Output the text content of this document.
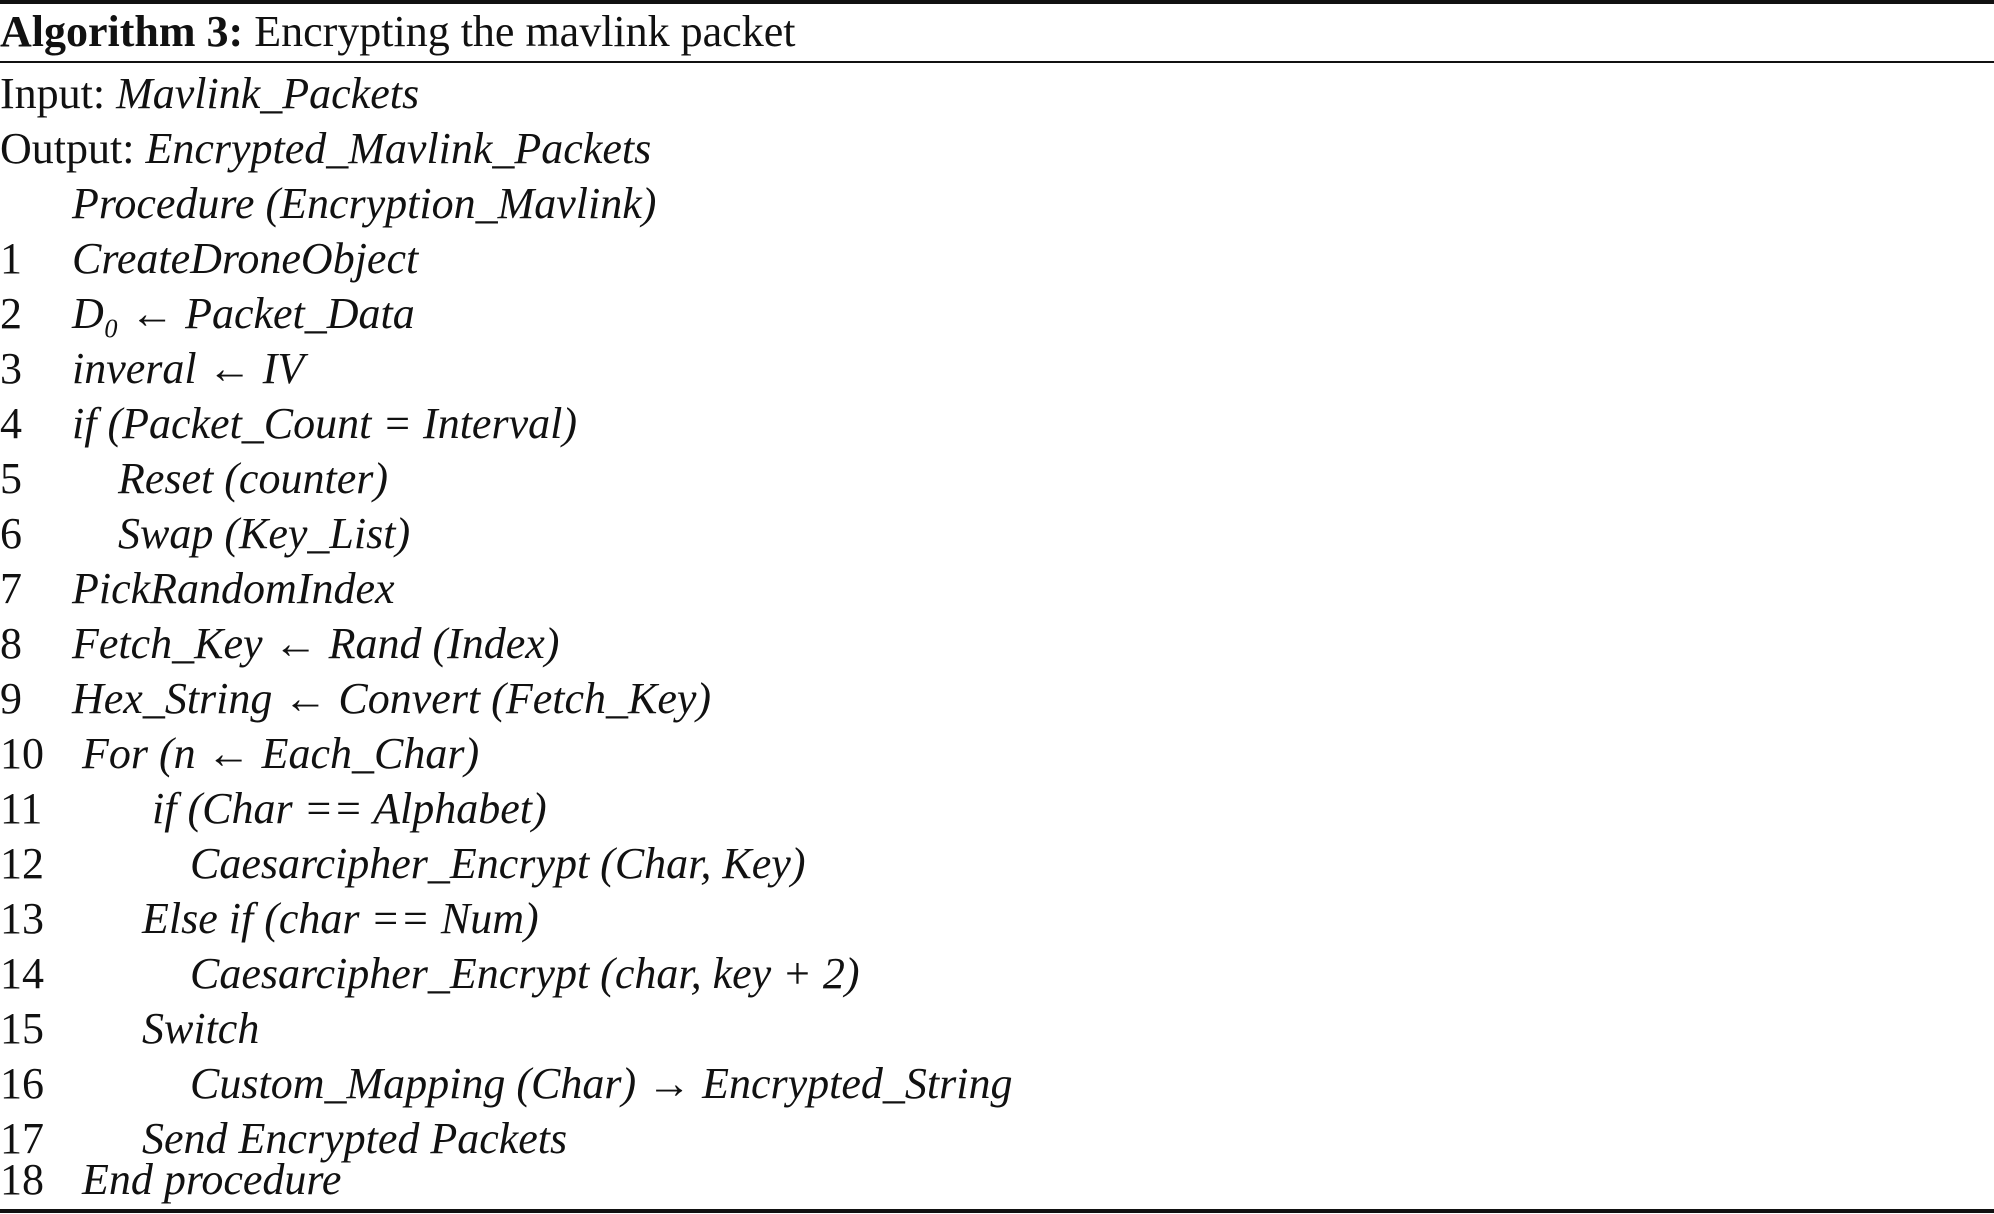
Algorithm 3: Encrypting the mavlink packet
Input: Mavlink_Packets
Output: Encrypted_Mavlink_Packets
Procedure (Encryption_Mavlink)
1 CreateDroneObject
2 D₀ ← Packet_Data
3 inveral ← IV
4 if (Packet_Count = Interval)
5 Reset (counter)
6 Swap (Key_List)
7 PickRandomIndex
8 Fetch_Key ← Rand (Index)
9 Hex_String ← Convert (Fetch_Key)
10 For (n ← Each_Char)
11 if (Char == Alphabet)
12	Caesarcipher_Encrypt (Char, Key)
13 Else if (char == Num)
14	Caesarcipher_Encrypt (char, key + 2)
15 Switch
16	Custom_Mapping (Char) → Encrypted_String
17 Send Encrypted Packets
18 End procedure
